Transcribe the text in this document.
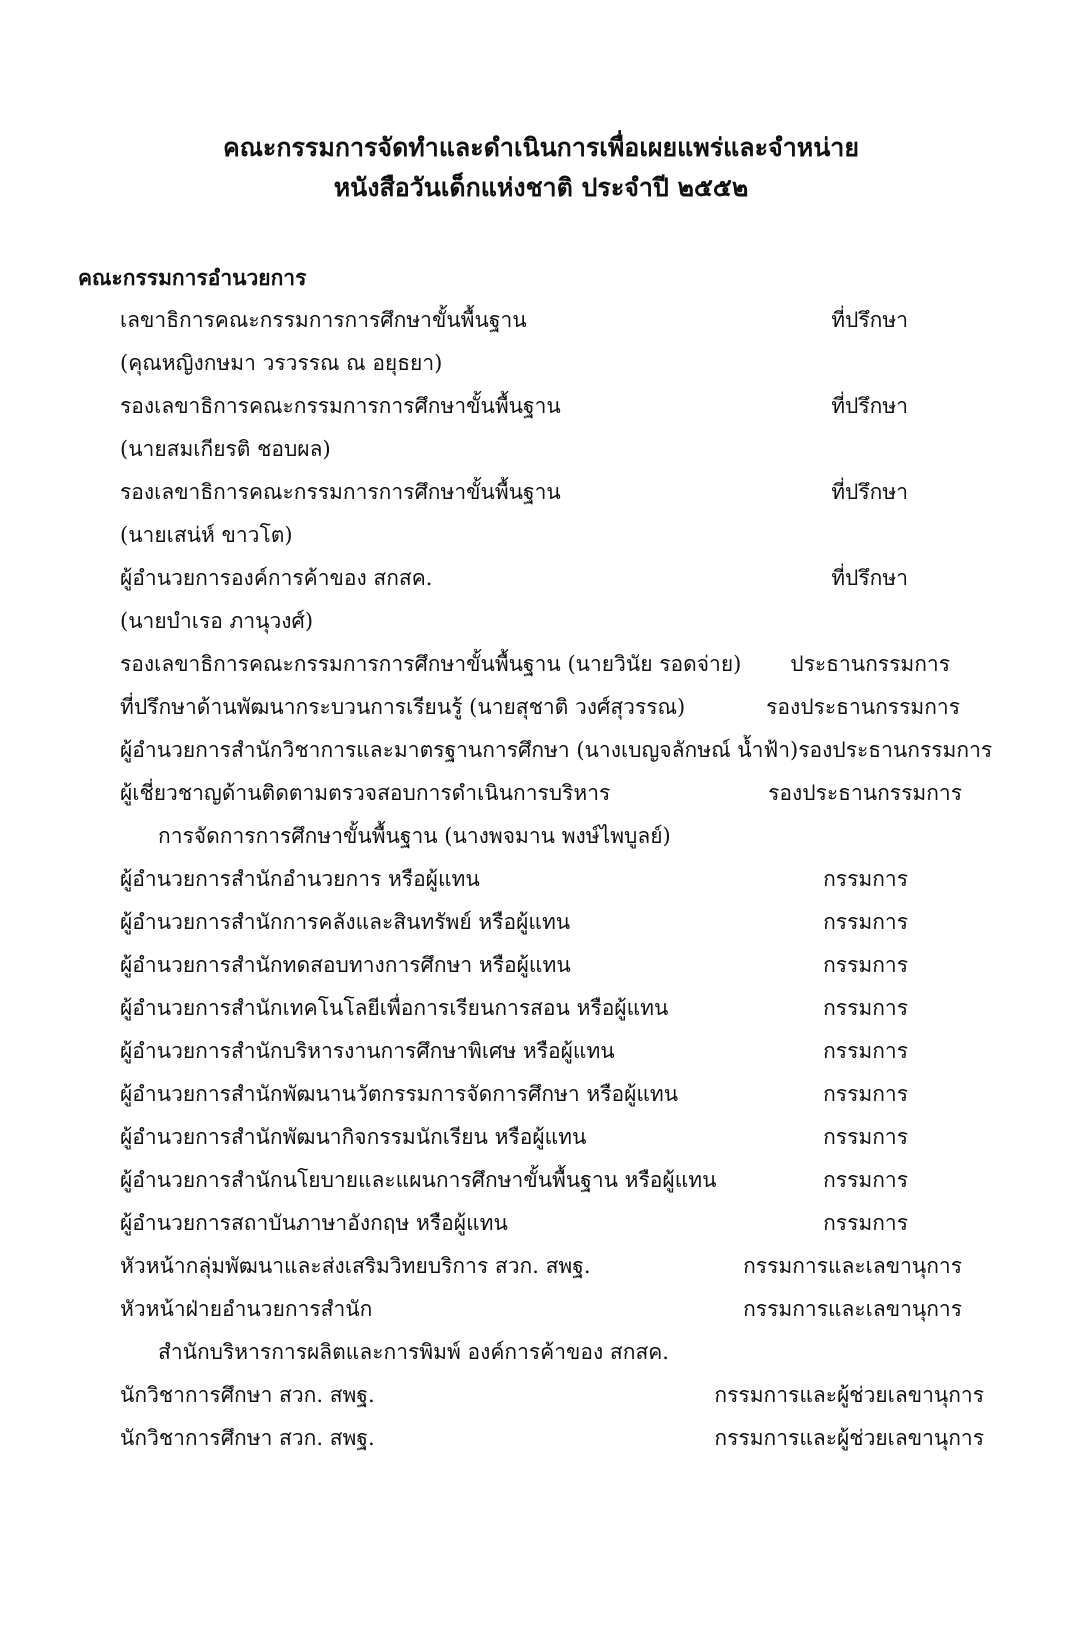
คณะกรรมการจัดทำและดำเนินการเพื่อเผยแพร่และจำหน่าย
หนังสือวันเด็กแห่งชาติ ประจำปี ๒๕๕๒
คณะกรรมการอำนวยการ
เลขาธิการคณะกรรมการการศึกษาขั้นพื้นฐาน	ที่ปรึกษา
(คุณหญิงกษมา วรวรรณ ณ อยุธยา)
รองเลขาธิการคณะกรรมการการศึกษาขั้นพื้นฐาน	ที่ปรึกษา
(นายสมเกียรติ ชอบผล)
รองเลขาธิการคณะกรรมการการศึกษาขั้นพื้นฐาน	ที่ปรึกษา
(นายเสน่ห์ ขาวโต)
ผู้อำนวยการองค์การค้าของ สกสค.	ที่ปรึกษา
(นายบำเรอ ภานุวงศ์)
รองเลขาธิการคณะกรรมการการศึกษาขั้นพื้นฐาน (นายวินัย รอดจ่าย) ประธานกรรมการ
ที่ปรึกษาด้านพัฒนากระบวนการเรียนรู้ (นายสุชาติ วงศ์สุวรรณ)	รองประธานกรรมการ
ผู้อำนวยการสำนักวิชาการและมาตรฐานการศึกษา (นางเบญจลักษณ์ น้ำฟ้า)รองประธานกรรมการ
ผู้เชี่ยวชาญด้านติดตามตรวจสอบการดำเนินการบริหาร	รองประธานกรรมการ
การจัดการการศึกษาขั้นพื้นฐาน (นางพจมาน พงษ์ไพบูลย์)
ผู้อำนวยการสำนักอำนวยการ หรือผู้แทน	กรรมการ
ผู้อำนวยการสำนักการคลังและสินทรัพย์ หรือผู้แทน	กรรมการ
ผู้อำนวยการสำนักทดสอบทางการศึกษา หรือผู้แทน	กรรมการ
ผู้อำนวยการสำนักเทคโนโลยีเพื่อการเรียนการสอน หรือผู้แทน	กรรมการ
ผู้อำนวยการสำนักบริหารงานการศึกษาพิเศษ หรือผู้แทน	กรรมการ
ผู้อำนวยการสำนักพัฒนานวัตกรรมการจัดการศึกษา หรือผู้แทน	กรรมการ
ผู้อำนวยการสำนักพัฒนากิจกรรมนักเรียน หรือผู้แทน	กรรมการ
ผู้อำนวยการสำนักนโยบายและแผนการศึกษาขั้นพื้นฐาน หรือผู้แทน	กรรมการ
ผู้อำนวยการสถาบันภาษาอังกฤษ หรือผู้แทน	กรรมการ
หัวหน้ากลุ่มพัฒนาและส่งเสริมวิทยบริการ สวก. สพฐ.	กรรมการและเลขานุการ
หัวหน้าฝ่ายอำนวยการสำนัก	กรรมการและเลขานุการ
สำนักบริหารการผลิตและการพิมพ์ องค์การค้าของ สกสค.
นักวิชาการศึกษา สวก. สพฐ.	กรรมการและผู้ช่วยเลขานุการ
นักวิชาการศึกษา สวก. สพฐ.	กรรมการและผู้ช่วยเลขานุการ
